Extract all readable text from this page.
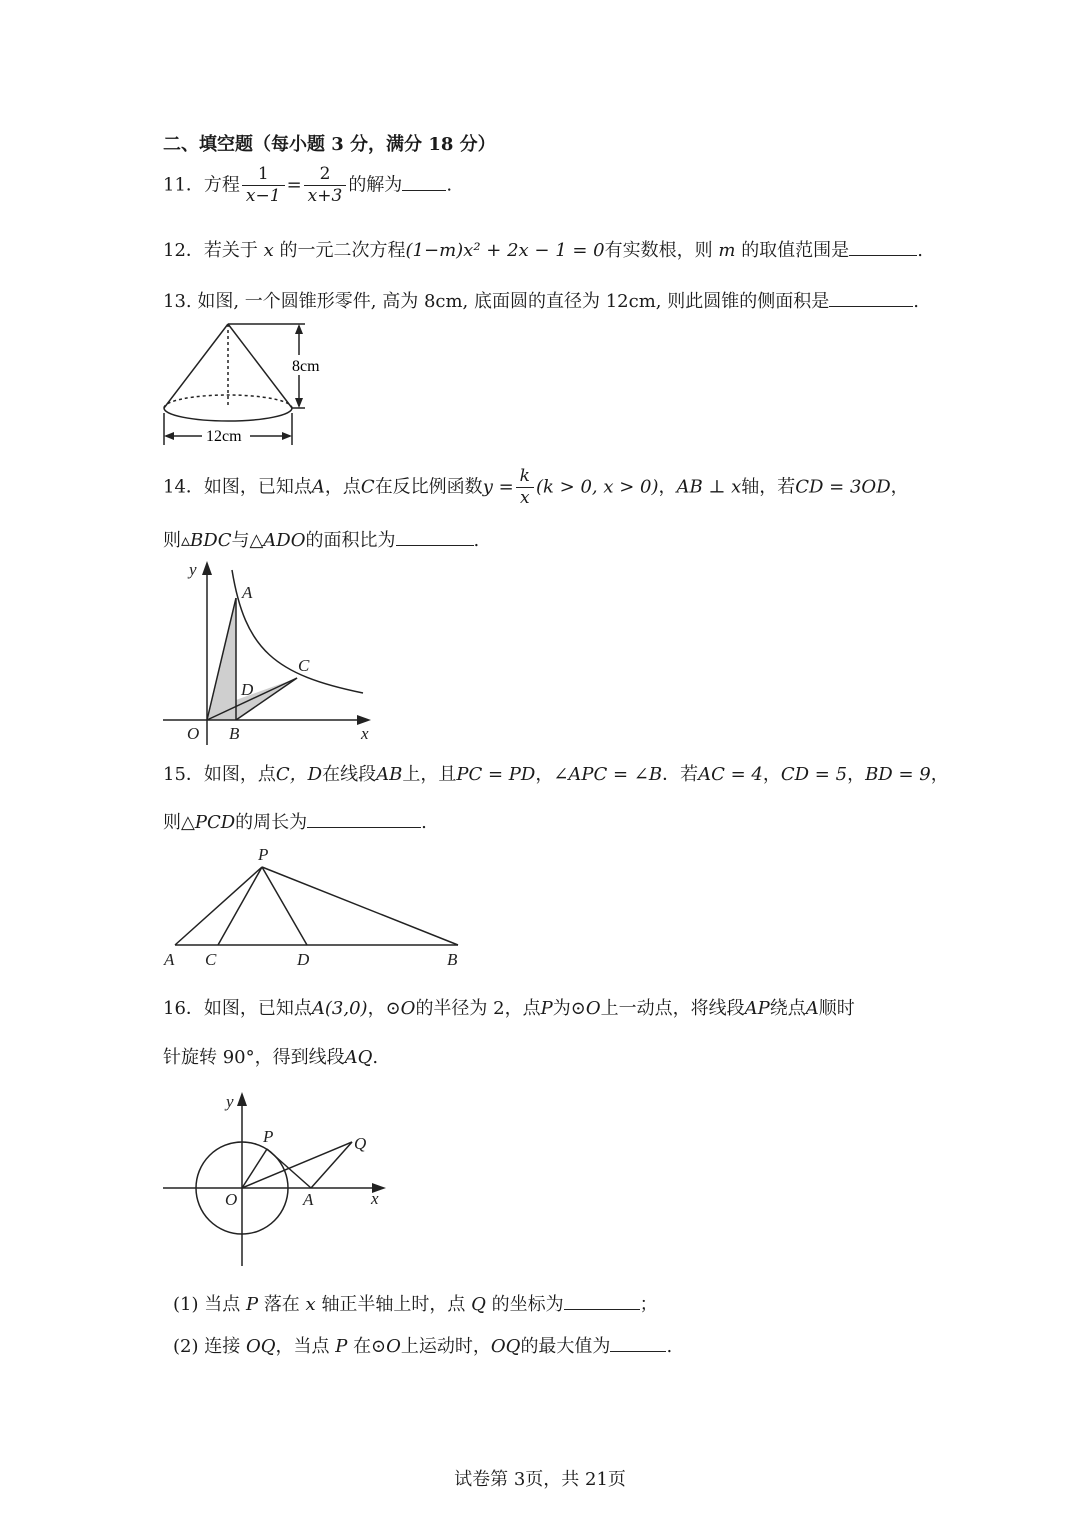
二、填空题（每小题 3 分，满分 18 分）
11．方程 $\frac{1}{x-1} = \frac{2}{x+3}$ 的解为 .
12．若关于 x 的一元二次方程(1−m)x² + 2x − 1 = 0有实数根，则 m 的取值范围是	.
13. 如图, 一个圆锥形零件, 高为 8cm, 底面圆的直径为 12cm, 则此圆锥的侧面积是	.
8cm
12cm
14．如图，已知点A，点C在反比例函数$y = \frac{k}{x} (k > 0$, x > 0)，AB ⊥ x轴，若CD = 3OD，
则▵BDC与△ADO的面积比为	.
y
x
O B
A
C
D
15．如图，点C，D在线段AB上，且PC = PD，∠APC = ∠B．若AC = 4，CD = 5，BD = 9，
则△PCD的周长为	.
P
A C	D	B
16．如图，已知点A(3,0)，⊙O的半径为 2，点P为⊙O上一动点，将线段AP绕点A顺时
针旋转 90°，得到线段AQ.
y
x
O
P
A
Q
(1) 当点 P 落在 x 轴正半轴上时，点 Q 的坐标为	；
(2) 连接 OQ，当点 P 在⊙O上运动时，OQ的最大值为	.
试卷第 3页，共 21页
